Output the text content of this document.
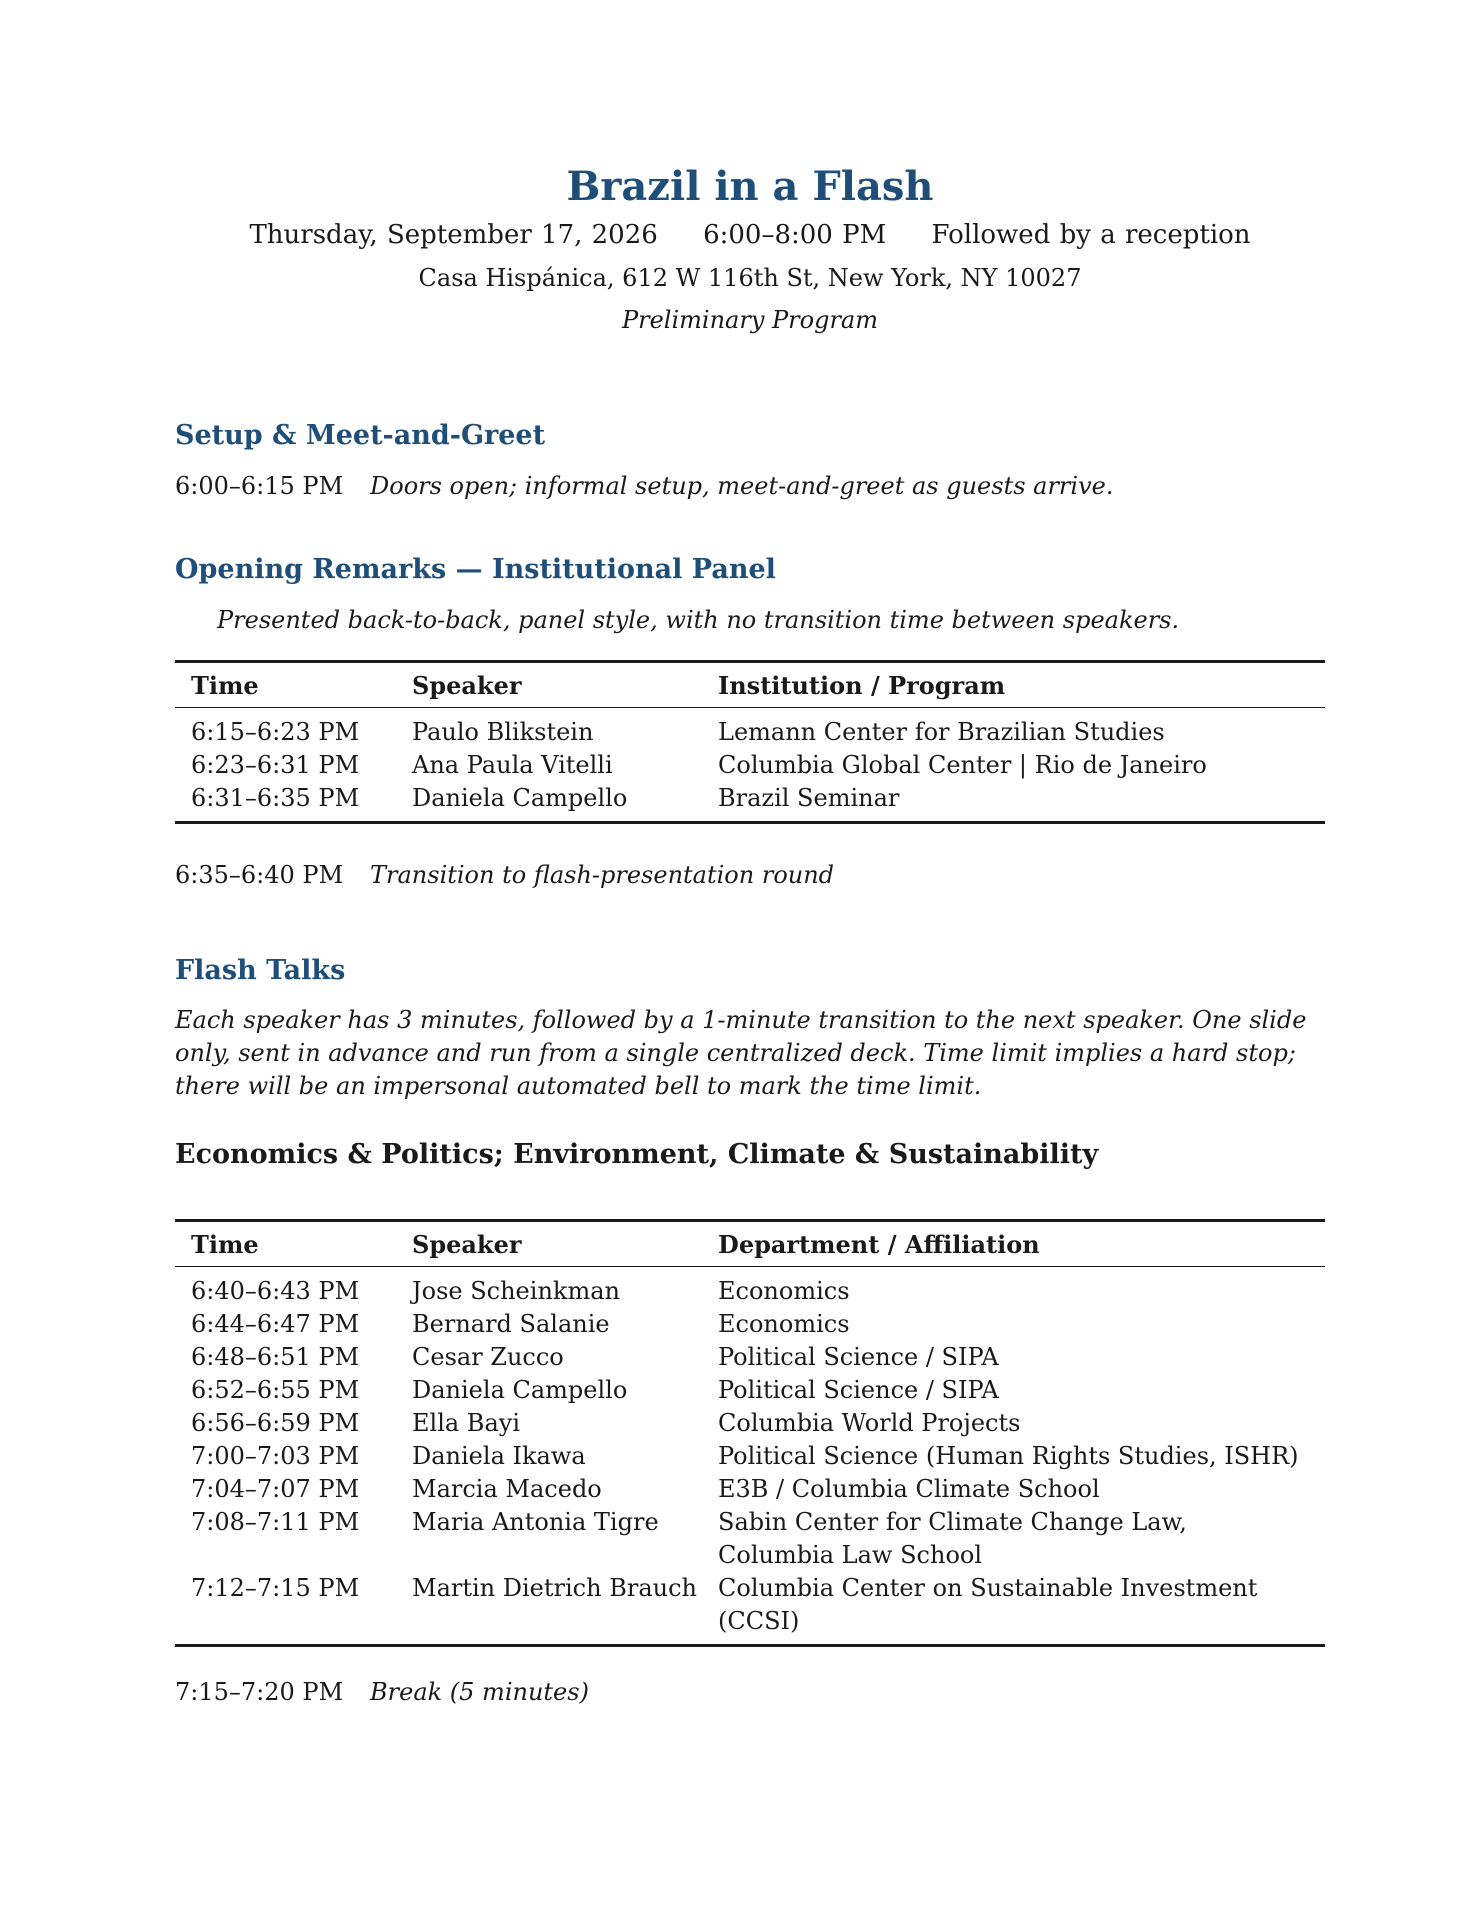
Brazil in a Flash
Thursday, September 17, 2026 6:00–8:00 PM Followed by a reception
Casa Hispánica, 612 W 116th St, New York, NY 10027
Preliminary Program
Setup & Meet-and-Greet
6:00–6:15 PM Doors open; informal setup, meet-and-greet as guests arrive.
Opening Remarks — Institutional Panel
Presented back-to-back, panel style, with no transition time between speakers.
Time	Speaker	Institution / Program
6:15–6:23 PM	Paulo Blikstein	Lemann Center for Brazilian Studies
6:23–6:31 PM	Ana Paula Vitelli	Columbia Global Center | Rio de Janeiro
6:31–6:35 PM	Daniela Campello	Brazil Seminar
6:35–6:40 PM Transition to flash-presentation round
Flash Talks
Each speaker has 3 minutes, followed by a 1-minute transition to the next speaker. One slide only, sent in advance and run from a single centralized deck. Time limit implies a hard stop; there will be an impersonal automated bell to mark the time limit.
Economics & Politics; Environment, Climate & Sustainability
Time	Speaker	Department / Affiliation
6:40–6:43 PM	Jose Scheinkman	Economics
6:44–6:47 PM	Bernard Salanie	Economics
6:48–6:51 PM	Cesar Zucco	Political Science / SIPA
6:52–6:55 PM	Daniela Campello	Political Science / SIPA
6:56–6:59 PM	Ella Bayi	Columbia World Projects
7:00–7:03 PM	Daniela Ikawa	Political Science (Human Rights Studies, ISHR)
7:04–7:07 PM	Marcia Macedo	E3B / Columbia Climate School
7:08–7:11 PM	Maria Antonia Tigre	Sabin Center for Climate Change Law, Columbia Law School
7:12–7:15 PM	Martin Dietrich Brauch	Columbia Center on Sustainable Investment (CCSI)
7:15–7:20 PM Break (5 minutes)
